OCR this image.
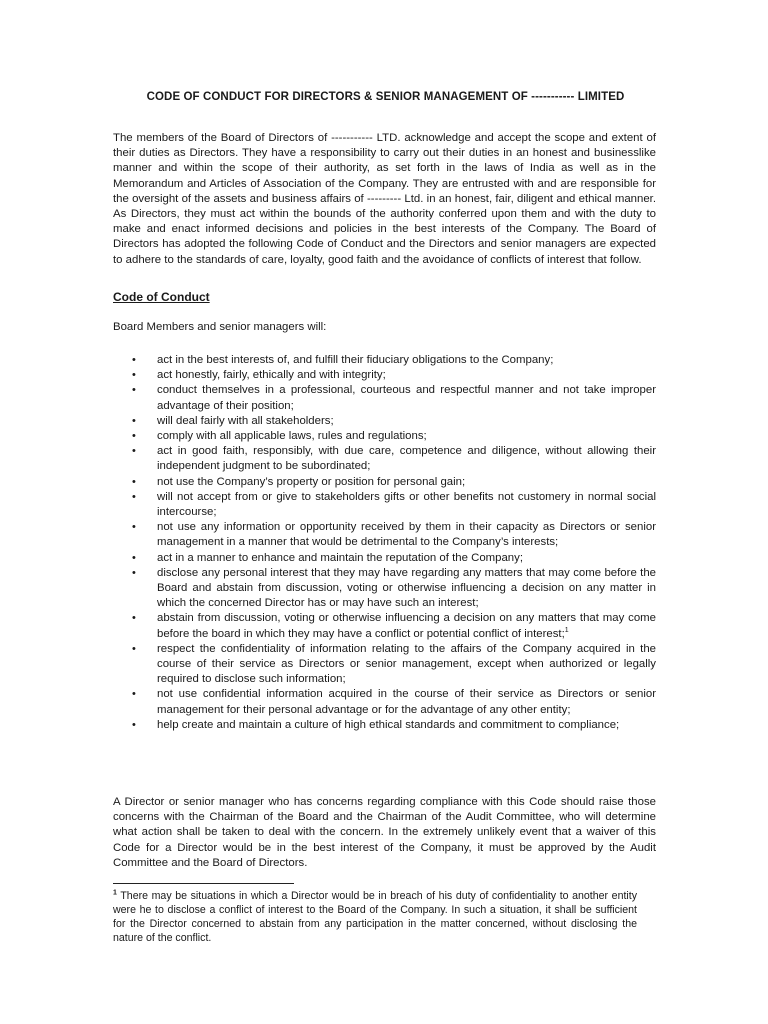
CODE OF CONDUCT FOR DIRECTORS & SENIOR MANAGEMENT OF ----------- LIMITED
The members of the Board of Directors of ----------- LTD. acknowledge and accept the scope and extent of their duties as Directors. They have a responsibility to carry out their duties in an honest and businesslike manner and within the scope of their authority, as set forth in the laws of India as well as in the Memorandum and Articles of Association of the Company. They are entrusted with and are responsible for the oversight of the assets and business affairs of --------- Ltd. in an honest, fair, diligent and ethical manner. As Directors, they must act within the bounds of the authority conferred upon them and with the duty to make and enact informed decisions and policies in the best interests of the Company. The Board of Directors has adopted the following Code of Conduct and the Directors and senior managers are expected to adhere to the standards of care, loyalty, good faith and the avoidance of conflicts of interest that follow.
Code of Conduct
Board Members and senior managers will:
• act in the best interests of, and fulfill their fiduciary obligations to the Company;
• act honestly, fairly, ethically and with integrity;
• conduct themselves in a professional, courteous and respectful manner and not take improper advantage of their position;
• will deal fairly with all stakeholders;
• comply with all applicable laws, rules and regulations;
• act in good faith, responsibly, with due care, competence and diligence, without allowing their independent judgment to be subordinated;
• not use the Company’s property or position for personal gain;
• will not accept from or give to stakeholders gifts or other benefits not customery in normal social intercourse;
• not use any information or opportunity received by them in their capacity as Directors or senior management in a manner that would be detrimental to the Company’s interests;
• act in a manner to enhance and maintain the reputation of the Company;
• disclose any personal interest that they may have regarding any matters that may come before the Board and abstain from discussion, voting or otherwise influencing a decision on any matter in which the concerned Director has or may have such an interest;
• abstain from discussion, voting or otherwise influencing a decision on any matters that may come before the board in which they may have a conflict or potential conflict of interest;$^1$
• respect the confidentiality of information relating to the affairs of the Company acquired in the course of their service as Directors or senior management, except when authorized or legally required to disclose such information;
• not use confidential information acquired in the course of their service as Directors or senior management for their personal advantage or for the advantage of any other entity;
• help create and maintain a culture of high ethical standards and commitment to compliance;
A Director or senior manager who has concerns regarding compliance with this Code should raise those concerns with the Chairman of the Board and the Chairman of the Audit Committee, who will determine what action shall be taken to deal with the concern. In the extremely unlikely event that a waiver of this Code for a Director would be in the best interest of the Company, it must be approved by the Audit Committee and the Board of Directors.
$^1$ There may be situations in which a Director would be in breach of his duty of confidentiality to another entity were he to disclose a conflict of interest to the Board of the Company. In such a situation, it shall be sufficient for the Director concerned to abstain from any participation in the matter concerned, without disclosing the nature of the conflict.
